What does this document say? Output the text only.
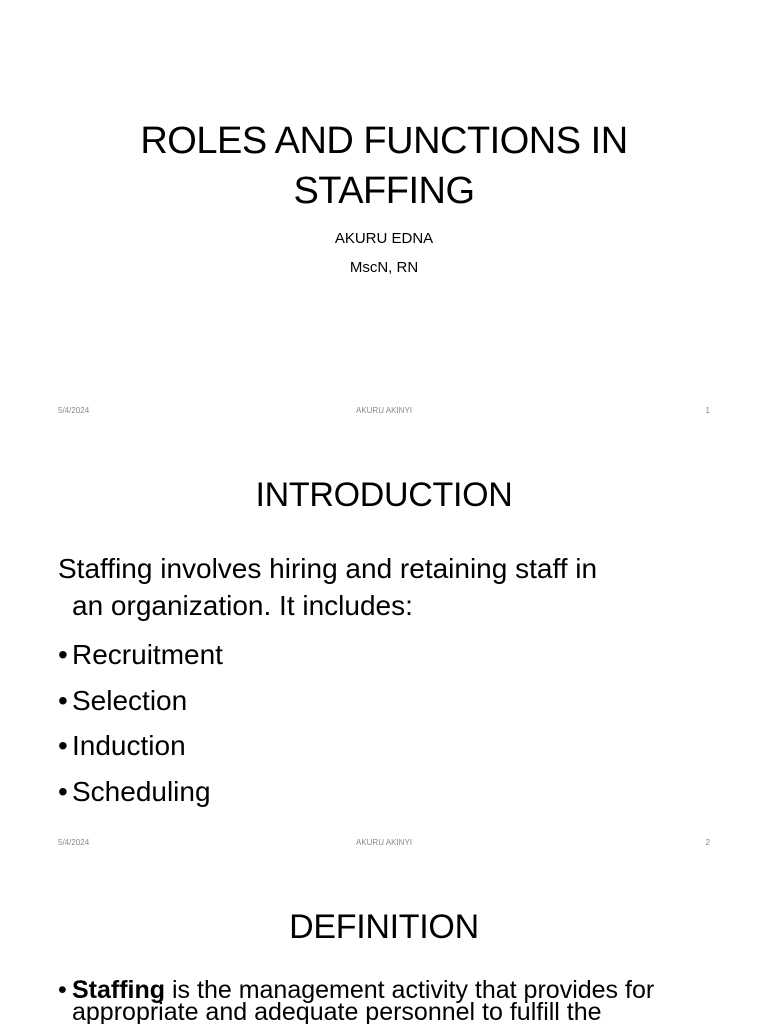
ROLES AND FUNCTIONS IN
STAFFING
AKURU EDNA
MscN, RN
5/4/2024	AKURU AKINYI	1
INTRODUCTION
Staffing involves hiring and retaining staff in
an organization. It includes:
• Recruitment
• Selection
• Induction
• Scheduling
5/4/2024	AKURU AKINYI	2
DEFINITION
• Staffing is the management activity that provides for
appropriate and adequate personnel to fulfill the
